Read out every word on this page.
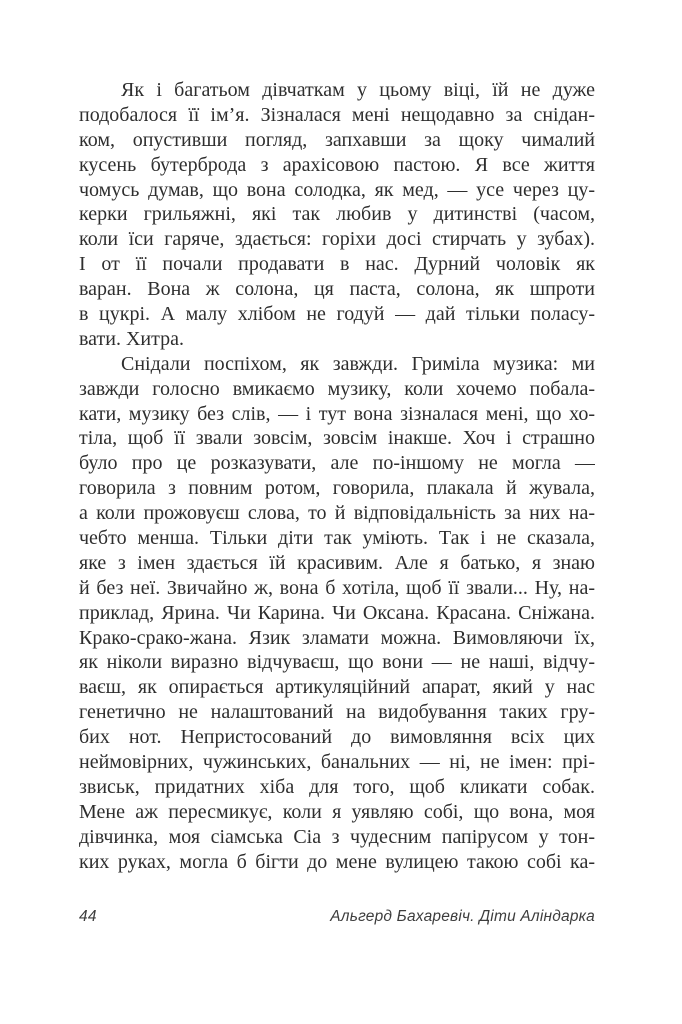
Як і багатьом дівчаткам у цьому віці, їй не дуже
подобалося її ім’я. Зізналася мені нещодавно за снідан-
ком, опустивши погляд, запхавши за щоку чималий
кусень бутерброда з арахісовою пастою. Я все життя
чомусь думав, що вона солодка, як мед, — усе через цу-
керки грильяжні, які так любив у дитинстві (часом,
коли їси гаряче, здається: горіхи досі стирчать у зубах).
І от її почали продавати в нас. Дурний чоловік як
варан. Вона ж солона, ця паста, солона, як шпроти
в цукрі. А малу хлібом не годуй — дай тільки поласу-
вати. Хитра.
Снідали поспіхом, як завжди. Гриміла музика: ми
завжди голосно вмикаємо музику, коли хочемо побала-
кати, музику без слів, — і тут вона зізналася мені, що хо-
тіла, щоб її звали зовсім, зовсім інакше. Хоч і страшно
було про це розказувати, але по-іншому не могла —
говорила з повним ротом, говорила, плакала й жувала,
а коли прожовуєш слова, то й відповідальність за них на-
чебто менша. Тільки діти так уміють. Так і не сказала,
яке з імен здається їй красивим. Але я батько, я знаю
й без неї. Звичайно ж, вона б хотіла, щоб її звали... Ну, на-
приклад, Ярина. Чи Карина. Чи Оксана. Красана. Сніжана.
Крако-срако-жана. Язик зламати можна. Вимовляючи їх,
як ніколи виразно відчуваєш, що вони — не наші, відчу-
ваєш, як опирається артикуляційний апарат, який у нас
генетично не налаштований на видобування таких гру-
бих нот. Непристосований до вимовляння всіх цих
неймовірних, чужинських, банальних — ні, не імен: прі-
звиськ, придатних хіба для того, щоб кликати собак.
Мене аж пересмикує, коли я уявляю собі, що вона, моя
дівчинка, моя сіамська Сіа з чудесним папірусом у тон-
ких руках, могла б бігти до мене вулицею такою собі ка-
44	Альгерд Бахаревіч. Діти Аліндарка
